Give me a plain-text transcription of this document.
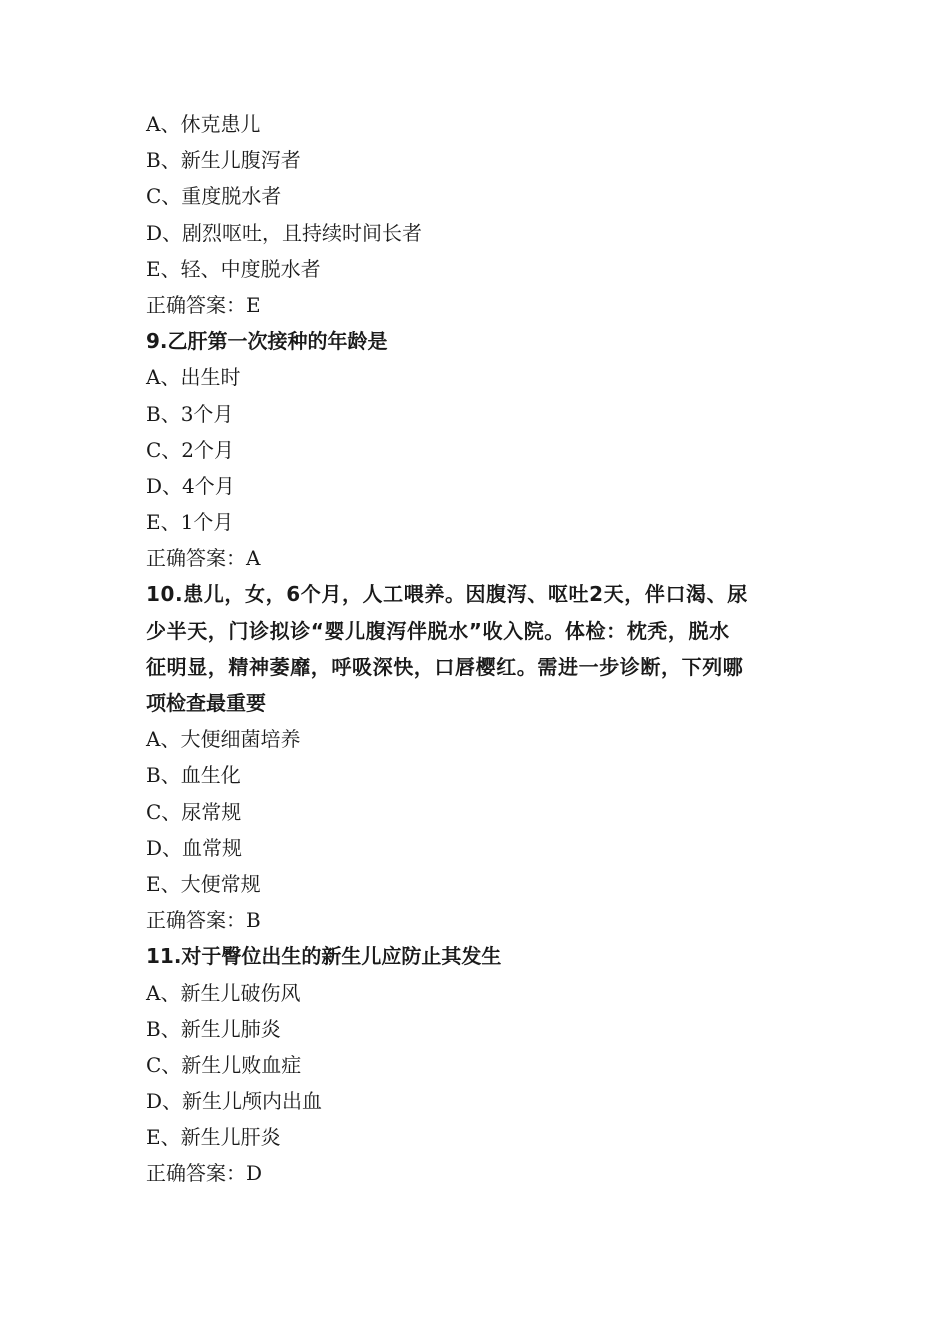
A、休克患儿
B、新生儿腹泻者
C、重度脱水者
D、剧烈呕吐，且持续时间长者
E、轻、中度脱水者
正确答案：E
9.乙肝第一次接种的年龄是
A、出生时
B、3个月
C、2个月
D、4个月
E、1个月
正确答案：A
10.患儿，女，6个月，人工喂养。因腹泻、呕吐2天，伴口渴、尿
少半天，门诊拟诊“婴儿腹泻伴脱水”收入院。体检：枕秃，脱水
征明显，精神萎靡，呼吸深快，口唇樱红。需进一步诊断，下列哪
项检查最重要
A、大便细菌培养
B、血生化
C、尿常规
D、血常规
E、大便常规
正确答案：B
11.对于臀位出生的新生儿应防止其发生
A、新生儿破伤风
B、新生儿肺炎
C、新生儿败血症
D、新生儿颅内出血
E、新生儿肝炎
正确答案：D
